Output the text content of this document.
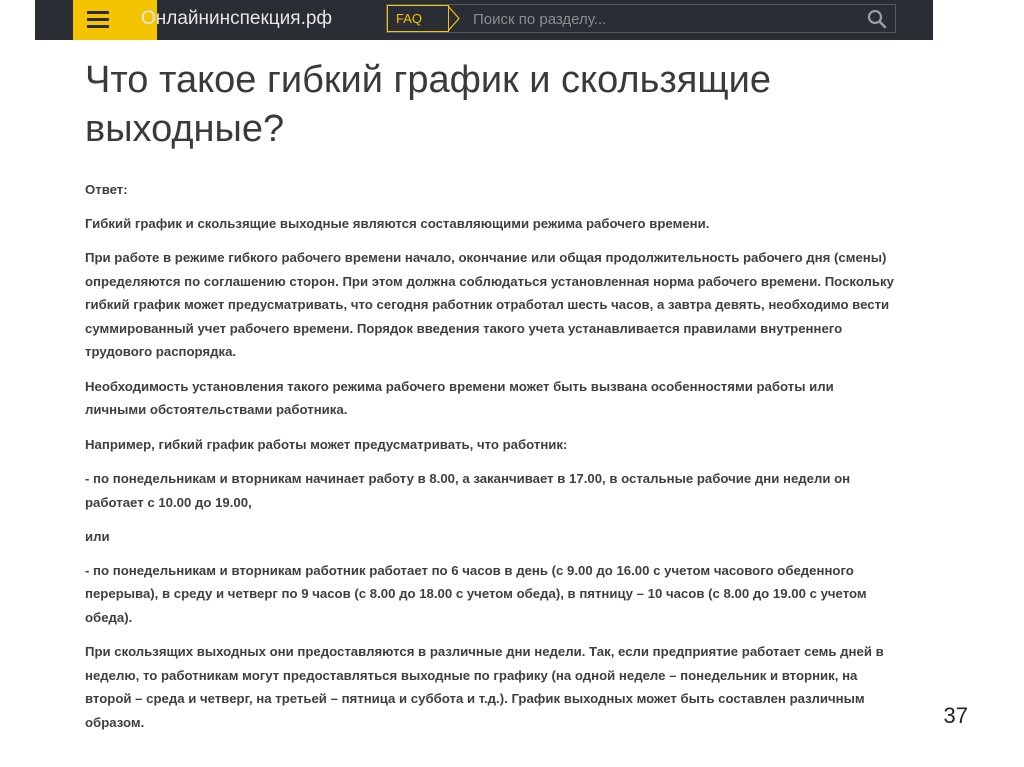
Онлайнинспекция.рф	FAQ
Поиск по разделу...
Что такое гибкий график и скользящие выходные?

Ответ:

Гибкий график и скользящие выходные являются составляющими режима рабочего времени.

При работе в режиме гибкого рабочего времени начало, окончание или общая продолжительность рабочего дня (смены) определяются по соглашению сторон. При этом должна соблюдаться установленная норма рабочего времени. Поскольку гибкий график может предусматривать, что сегодня работник отработал шесть часов, а завтра девять, необходимо вести суммированный учет рабочего времени. Порядок введения такого учета устанавливается правилами внутреннего трудового распорядка.

Необходимость установления такого режима рабочего времени может быть вызвана особенностями работы или личными обстоятельствами работника.

Например, гибкий график работы может предусматривать, что работник:

- по понедельникам и вторникам начинает работу в 8.00, а заканчивает в 17.00, в остальные рабочие дни недели он работает с 10.00 до 19.00,

или

- по понедельникам и вторникам работник работает по 6 часов в день (с 9.00 до 16.00 с учетом часового обеденного перерыва), в среду и четверг по 9 часов (с 8.00 до 18.00 с учетом обеда), в пятницу – 10 часов (с 8.00 до 19.00 с учетом обеда).

При скользящих выходных они предоставляются в различные дни недели. Так, если предприятие работает семь дней в неделю, то работникам могут предоставляться выходные по графику (на одной неделе – понедельник и вторник, на второй – среда и четверг, на третьей – пятница и суббота и т.д.). График выходных может быть составлен различным образом.	37
